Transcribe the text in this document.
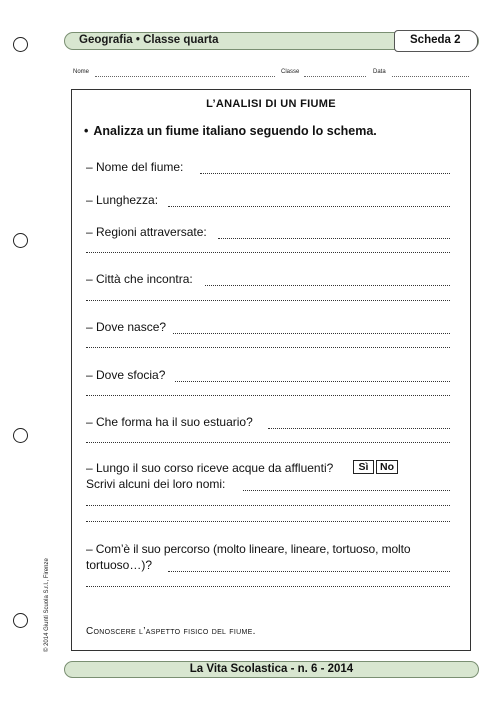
Geografia • Classe quarta	Scheda 2
Nome	Classe	Data
L’ANALISI DI UN FIUME
• Analizza un fiume italiano seguendo lo schema.
– Nome del fiume:
– Lunghezza:
– Regioni attraversate:
– Città che incontra:
– Dove nasce?
– Dove sfocia?
– Che forma ha il suo estuario?
– Lungo il suo corso riceve acque da affluenti?	Sì	No
Scrivi alcuni dei loro nomi:
– Com’è il suo percorso (molto lineare, lineare, tortuoso, molto
tortuoso…)?
Conoscere l’aspetto fisico del fiume.
© 2014 Giunti Scuola S.r.l., Firenze
La Vita Scolastica - n. 6 - 2014
